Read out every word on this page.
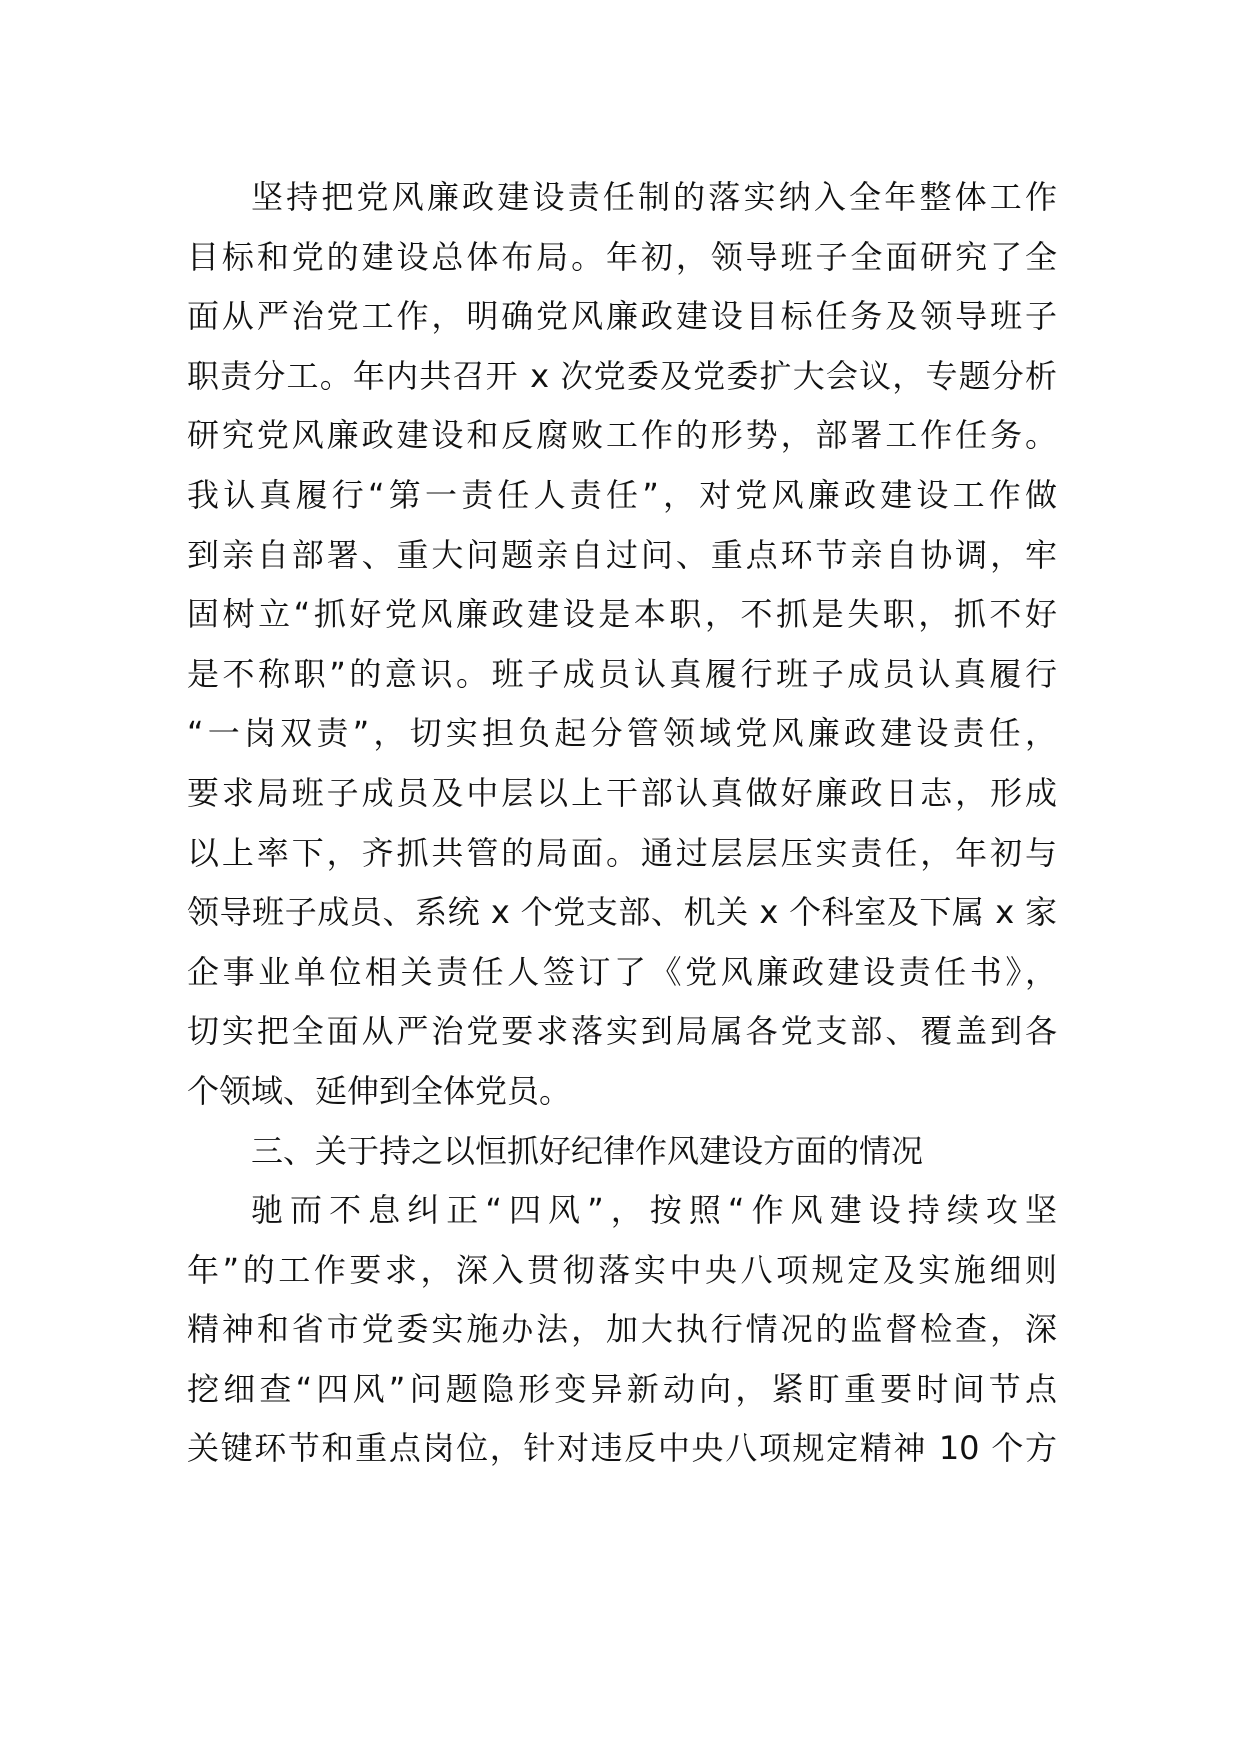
坚持把党风廉政建设责任制的落实纳入全年整体工作
目标和党的建设总体布局。年初，领导班子全面研究了全
面从严治党工作，明确党风廉政建设目标任务及领导班子
职责分工。年内共召开 x 次党委及党委扩大会议，专题分析
研究党风廉政建设和反腐败工作的形势，部署工作任务。
我认真履行“第一责任人责任”，对党风廉政建设工作做
到亲自部署、重大问题亲自过问、重点环节亲自协调，牢
固树立“抓好党风廉政建设是本职，不抓是失职，抓不好
是不称职”的意识。班子成员认真履行班子成员认真履行
“一岗双责”，切实担负起分管领域党风廉政建设责任，
要求局班子成员及中层以上干部认真做好廉政日志，形成
以上率下，齐抓共管的局面。通过层层压实责任，年初与
领导班子成员、系统 x 个党支部、机关 x 个科室及下属 x 家
企事业单位相关责任人签订了《党风廉政建设责任书》，
切实把全面从严治党要求落实到局属各党支部、覆盖到各
个领域、延伸到全体党员。
三、关于持之以恒抓好纪律作风建设方面的情况
驰而不息纠正“四风”，按照“作风建设持续攻坚
年”的工作要求，深入贯彻落实中央八项规定及实施细则
精神和省市党委实施办法，加大执行情况的监督检查，深
挖细查“四风”问题隐形变异新动向，紧盯重要时间节点
关键环节和重点岗位，针对违反中央八项规定精神 10 个方
